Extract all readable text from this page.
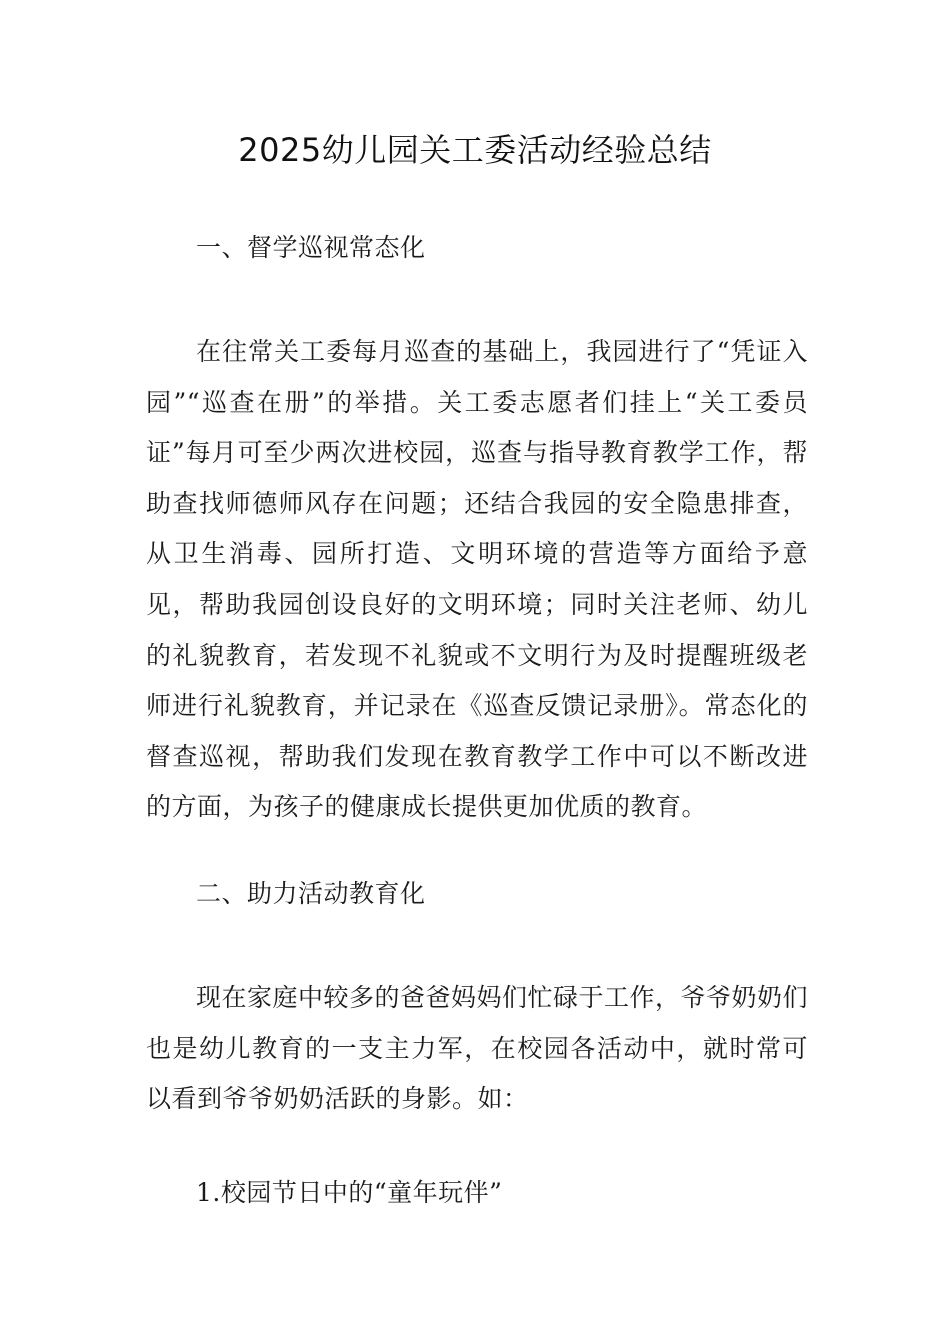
2025幼儿园关工委活动经验总结
一、督学巡视常态化

在往常关工委每月巡查的基础上，我园进行了“凭证入园”“巡查在册”的举措。关工委志愿者们挂上“关工委员证”每月可至少两次进校园，巡查与指导教育教学工作，帮助查找师德师风存在问题；还结合我园的安全隐患排查，从卫生消毒、园所打造、文明环境的营造等方面给予意见，帮助我园创设良好的文明环境；同时关注老师、幼儿的礼貌教育，若发现不礼貌或不文明行为及时提醒班级老师进行礼貌教育，并记录在《巡查反馈记录册》。常态化的督查巡视，帮助我们发现在教育教学工作中可以不断改进的方面，为孩子的健康成长提供更加优质的教育。

二、助力活动教育化

现在家庭中较多的爸爸妈妈们忙碌于工作，爷爷奶奶们也是幼儿教育的一支主力军，在校园各活动中，就时常可以看到爷爷奶奶活跃的身影。如：

1.校园节日中的“童年玩伴”
